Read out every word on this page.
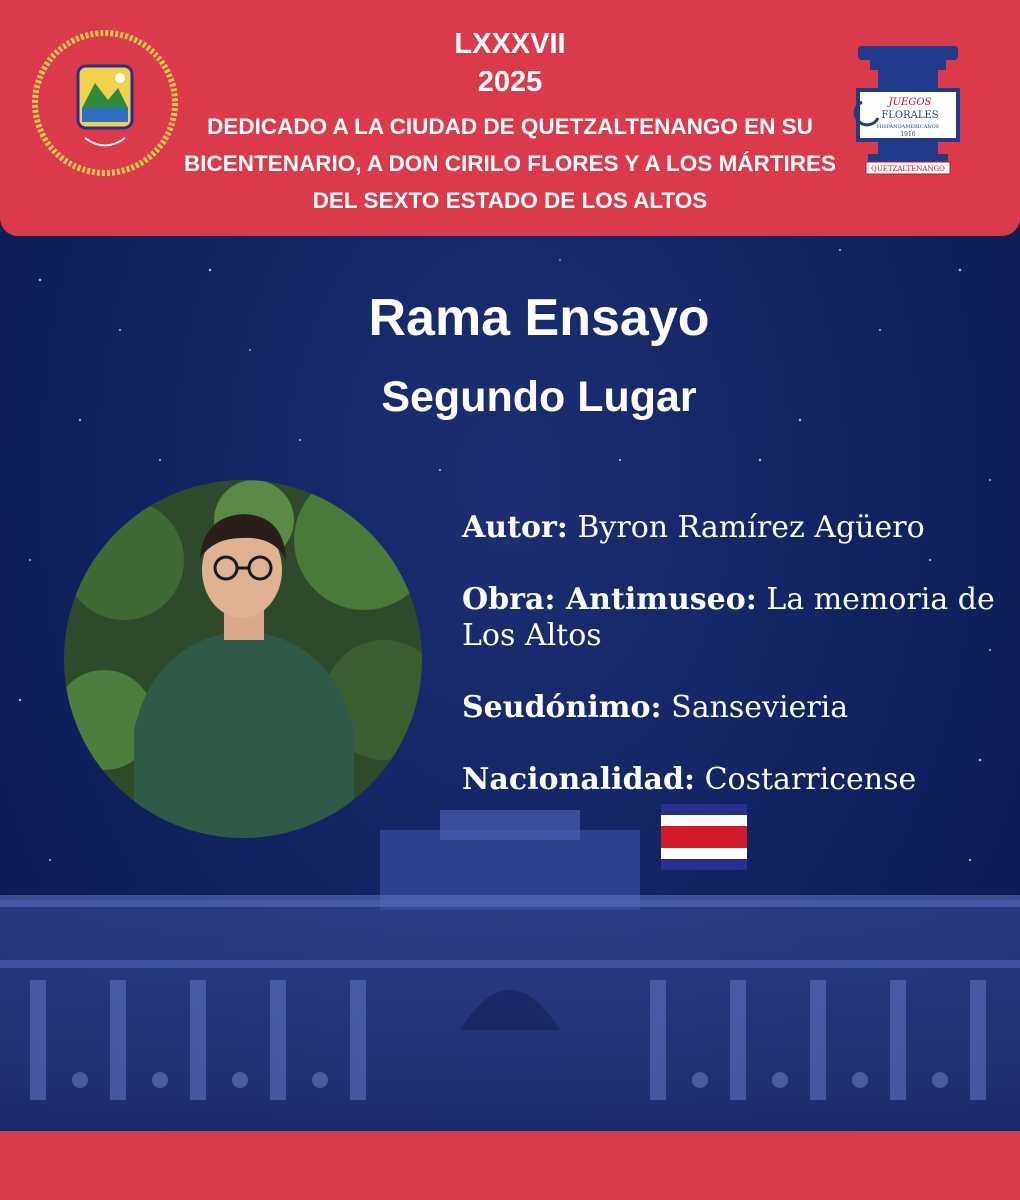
LXXXVII
2025
DEDICADO A LA CIUDAD DE QUETZALTENANGO EN SU BICENTENARIO, A DON CIRILO FLORES Y A LOS MÁRTIRES DEL SEXTO ESTADO DE LOS ALTOS
JUEGOS
FLORALES
HISPANOAMERICANOS
1916
QUETZALTENANGO
Rama Ensayo
Segundo Lugar

Autor: Byron Ramírez Agüero

Obra: Antimuseo: La memoria de Los Altos

Seudónimo: Sansevieria

Nacionalidad: Costarricense
